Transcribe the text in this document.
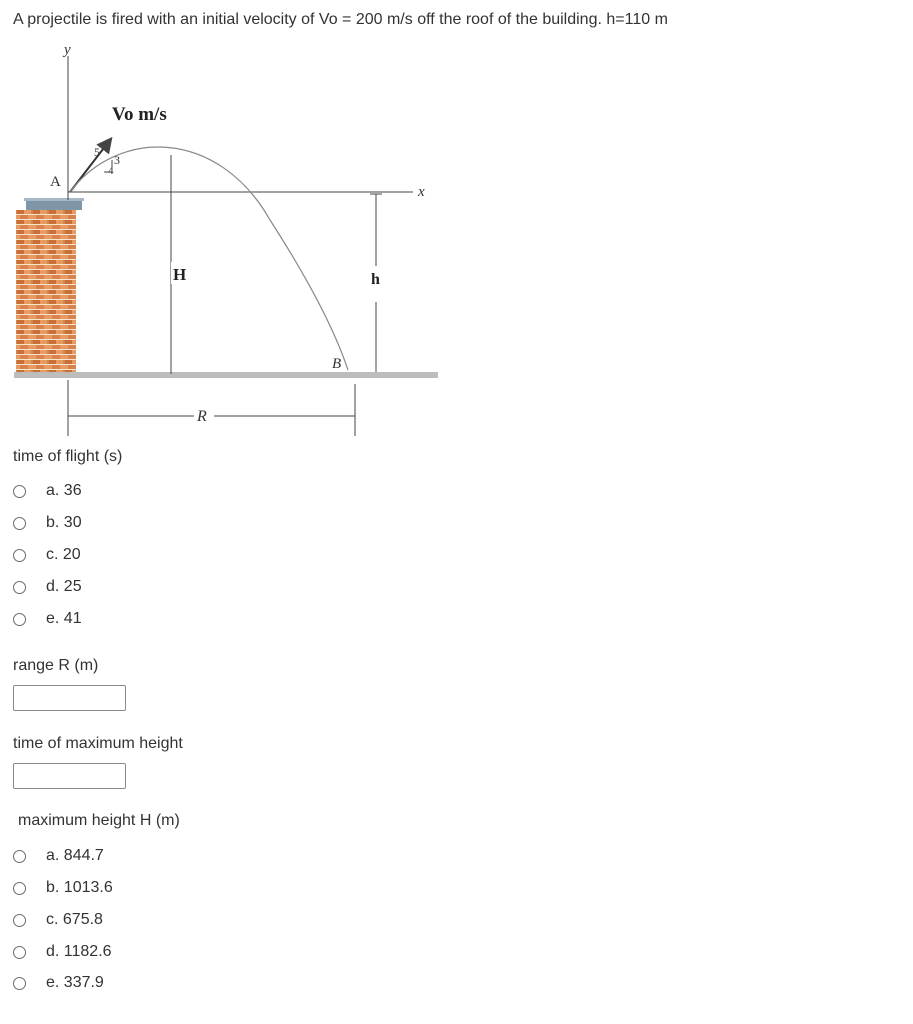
A projectile is fired with an initial velocity of Vo = 200 m/s off the roof of the building. h=110 m
y
x
5
3
4
Vo m/s
A
H	h
B
R
time of flight (s)
a. 36
b. 30
c. 20
d. 25
e. 41
range R (m)
time of maximum height
maximum height H (m)
a. 844.7
b. 1013.6
c. 675.8
d. 1182.6
e. 337.9
